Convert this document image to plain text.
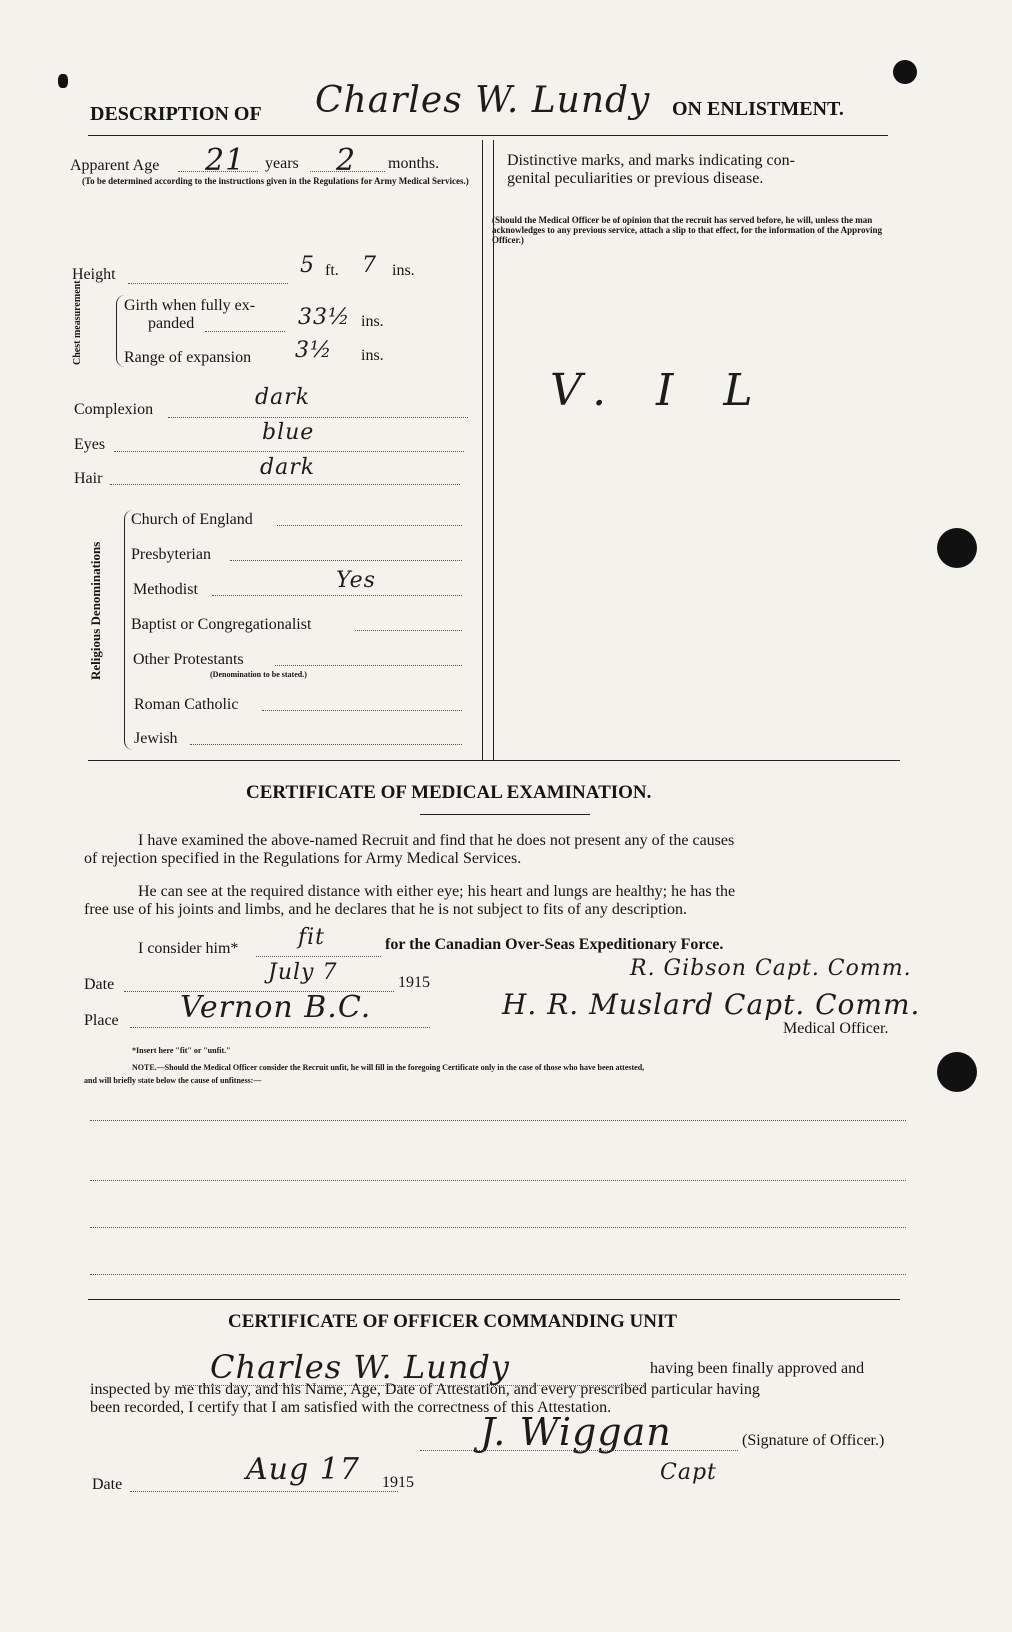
DESCRIPTION OF Charles W. Lundy ON ENLISTMENT.
Apparent Age 21 years 2 months.
(To be determined according to the instructions given in the Regulations for Army Medical Services.)
Height	5 ft. 7 ins.
Chest measurement	Girth when fully ex-
panded	33½ ins.
Range of expansion 3½ ins.
Complexion	dark
Eyes	blue
Hair	dark
Religious Denominations
Church of England
Presbyterian
Methodist	Yes
Baptist or Congregationalist
Other Protestants
(Denomination to be stated.)
Roman Catholic
Jewish
Distinctive marks, and marks indicating con-
genital peculiarities or previous disease.
(Should the Medical Officer be of opinion that the recruit has served before, he will, unless the man acknowledges to any previous service, attach a slip to that effect, for the information of the Approving Officer.)
V. I L
CERTIFICATE OF MEDICAL EXAMINATION.
I have examined the above-named Recruit and find that he does not present any of the causes
of rejection specified in the Regulations for Army Medical Services.
He can see at the required distance with either eye; his heart and lungs are healthy; he has the
free use of his joints and limbs, and he declares that he is not subject to fits of any description.
I consider him*	fit	for the Canadian Over-Seas Expeditionary Force.
Date	July 7	1915
R. Gibson Capt. Comm.
Place Vernon B.C.	H. R. Muslard Capt. Comm.
Medical Officer.
*Insert here "fit" or "unfit."
NOTE.—Should the Medical Officer consider the Recruit unfit, he will fill in the foregoing Certificate only in the case of those who have been attested,
and will briefly state below the cause of unfitness:—
CERTIFICATE OF OFFICER COMMANDING UNIT
Charles W. Lundy	having been finally approved and
inspected by me this day, and his Name, Age, Date of Attestation, and every prescribed particular having
been recorded, I certify that I am satisfied with the correctness of this Attestation.
J. Wiggan	(Signature of Officer.)
Capt
Date	Aug 17 1915
